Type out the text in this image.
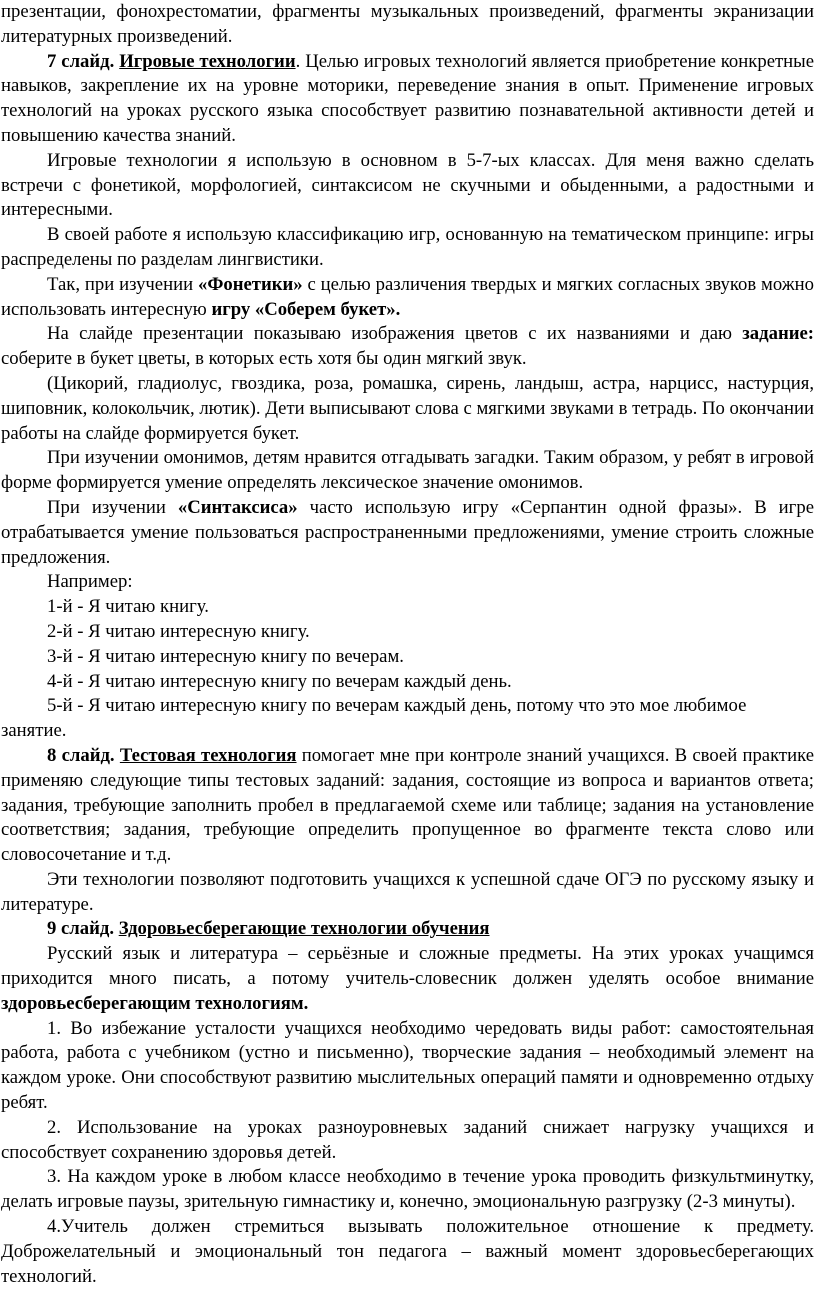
презентации, фонохрестоматии, фрагменты музыкальных произведений, фрагменты экранизации литературных произведений.

7 слайд. Игровые технологии. Целью игровых технологий является приобретение конкретные навыков, закрепление их на уровне моторики, переведение знания в опыт. Применение игровых технологий на уроках русского языка способствует развитию познавательной активности детей и повышению качества знаний.

Игровые технологии я использую в основном в 5-7-ых классах. Для меня важно сделать встречи с фонетикой, морфологией, синтаксисом не скучными и обыденными, а радостными и интересными.

В своей работе я использую классификацию игр, основанную на тематическом принципе: игры распределены по разделам лингвистики.

Так, при изучении «Фонетики» с целью различения твердых и мягких согласных звуков можно использовать интересную игру «Соберем букет».

На слайде презентации показываю изображения цветов с их названиями и даю задание: соберите в букет цветы, в которых есть хотя бы один мягкий звук.

(Цикорий, гладиолус, гвоздика, роза, ромашка, сирень, ландыш, астра, нарцисс, настурция, шиповник, колокольчик, лютик). Дети выписывают слова с мягкими звуками в тетрадь. По окончании работы на слайде формируется букет.

При изучении омонимов, детям нравится отгадывать загадки. Таким образом, у ребят в игровой форме формируется умение определять лексическое значение омонимов.

При изучении «Синтаксиса» часто использую игру «Серпантин одной фразы». В игре отрабатывается умение пользоваться распространенными предложениями, умение строить сложные предложения.

Например:

1-й - Я читаю книгу.

2-й - Я читаю интересную книгу.

3-й - Я читаю интересную книгу по вечерам.

4-й - Я читаю интересную книгу по вечерам каждый день.

5-й - Я читаю интересную книгу по вечерам каждый день, потому что это мое любимое занятие.

8 слайд. Тестовая технология помогает мне при контроле знаний учащихся. В своей практике применяю следующие типы тестовых заданий: задания, состоящие из вопроса и вариантов ответа; задания, требующие заполнить пробел в предлагаемой схеме или таблице; задания на установление соответствия; задания, требующие определить пропущенное во фрагменте текста слово или словосочетание и т.д.

Эти технологии позволяют подготовить учащихся к успешной сдаче ОГЭ по русскому языку и литературе.

9 слайд. Здоровьесберегающие технологии обучения

Русский язык и литература – серьёзные и сложные предметы. На этих уроках учащимся приходится много писать, а потому учитель-словесник должен уделять особое внимание здоровьесберегающим технологиям.

1. Во избежание усталости учащихся необходимо чередовать виды работ: самостоятельная работа, работа с учебником (устно и письменно), творческие задания – необходимый элемент на каждом уроке. Они способствуют развитию мыслительных операций памяти и одновременно отдыху ребят.

2. Использование на уроках разноуровневых заданий снижает нагрузку учащихся и способствует сохранению здоровья детей.

3. На каждом уроке в любом классе необходимо в течение урока проводить физкультминутку, делать игровые паузы, зрительную гимнастику и, конечно, эмоциональную разгрузку (2-3 минуты).

4.Учитель должен стремиться вызывать положительное отношение к предмету. Доброжелательный и эмоциональный тон педагога – важный момент здоровьесберегающих технологий.
